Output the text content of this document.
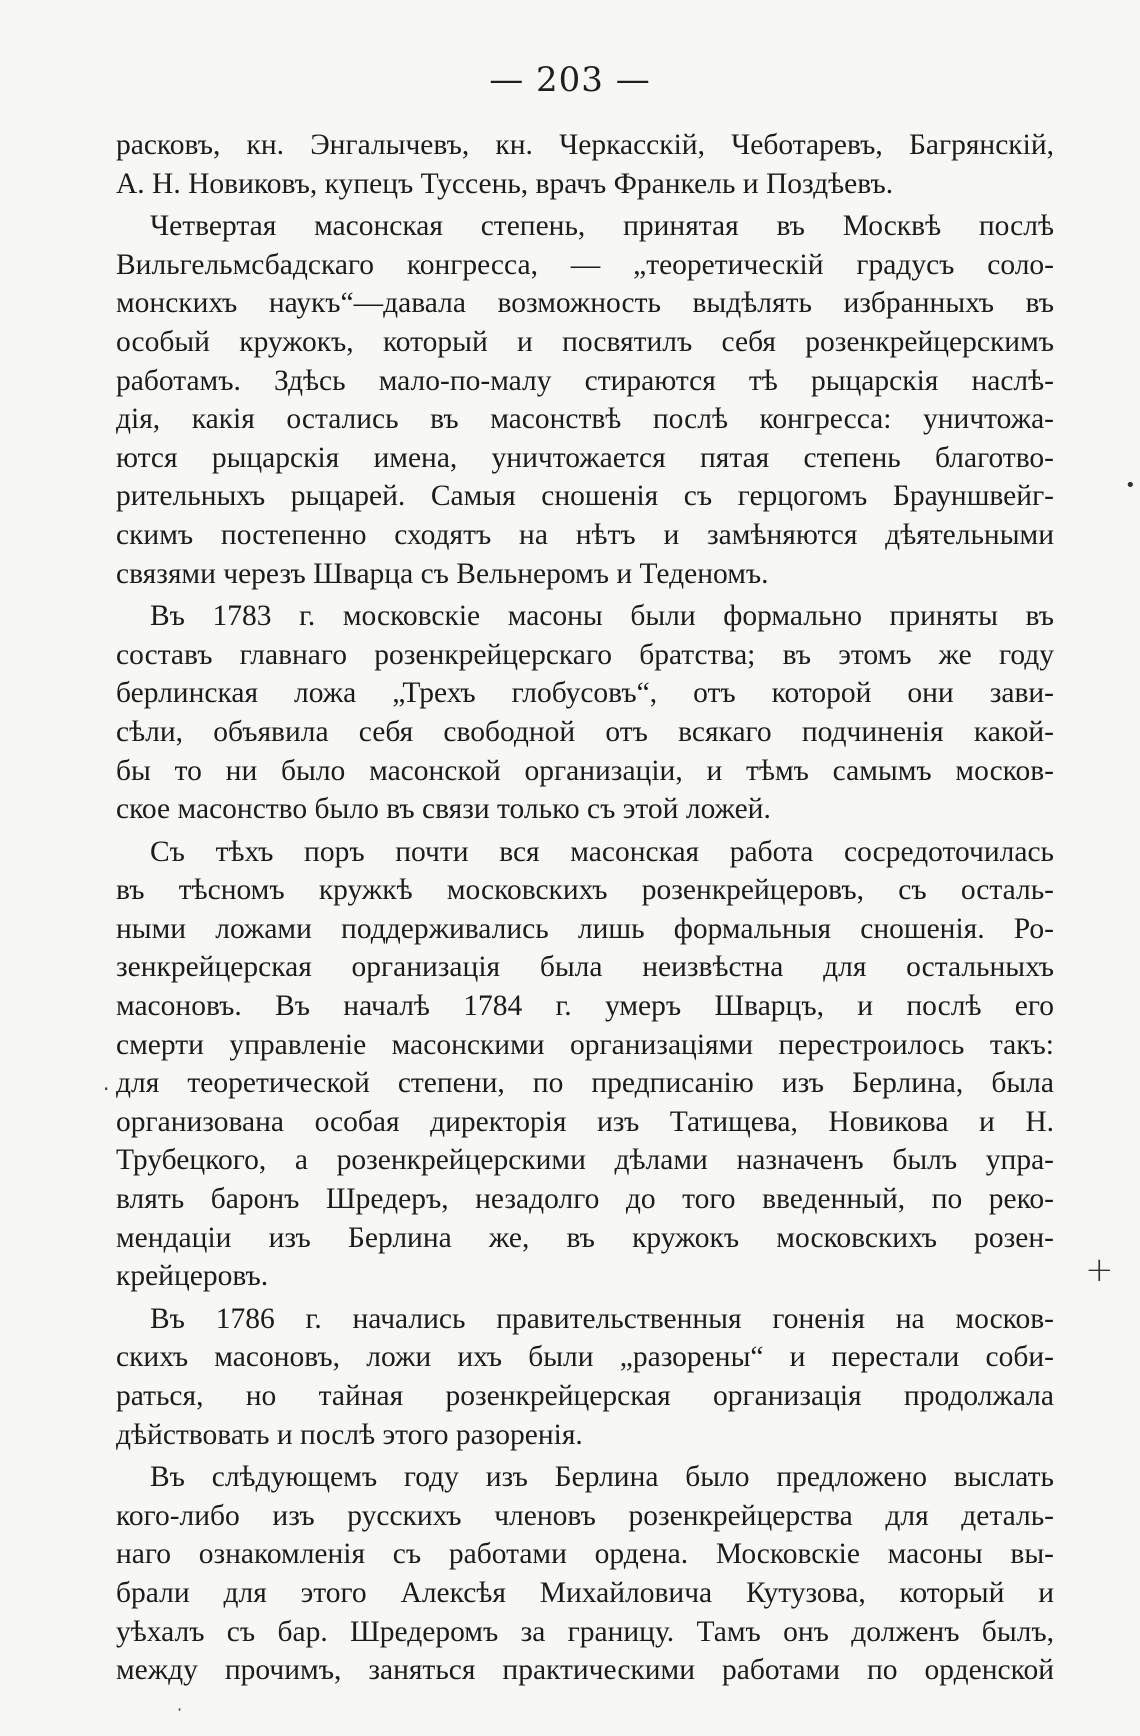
— 203 —
расковъ, кн. Энгалычевъ, кн. Черкасскій, Чеботаревъ, Багрянскій,
А. Н. Новиковъ, купецъ Туссень, врачъ Франкель и Поздѣевъ.
Четвертая масонская степень, принятая въ Москвѣ послѣ
Вильгельмсбадскаго конгресса, — „теоретическій градусъ соло-
монскихъ наукъ“—давала возможность выдѣлять избранныхъ въ
особый кружокъ, который и посвятилъ себя розенкрейцерскимъ
работамъ. Здѣсь мало-по-малу стираются тѣ рыцарскія наслѣ-
дія, какія остались въ масонствѣ послѣ конгресса: уничтожа-
ются рыцарскія имена, уничтожается пятая степень благотво-
рительныхъ рыцарей. Самыя сношенія съ герцогомъ Брауншвейг-
скимъ постепенно сходятъ на нѣтъ и замѣняются дѣятельными
связями черезъ Шварца съ Вельнеромъ и Теденомъ.
Въ 1783 г. московскіе масоны были формально приняты въ
составъ главнаго розенкрейцерскаго братства; въ этомъ же году
берлинская ложа „Трехъ глобусовъ“, отъ которой они зави-
сѣли, объявила себя свободной отъ всякаго подчиненія какой-
бы то ни было масонской организаціи, и тѣмъ самымъ москов-
ское масонство было въ связи только съ этой ложей.
Съ тѣхъ поръ почти вся масонская работа сосредоточилась
въ тѣсномъ кружкѣ московскихъ розенкрейцеровъ, съ осталь-
ными ложами поддерживались лишь формальныя сношенія. Ро-
зенкрейцерская организація была неизвѣстна для остальныхъ
масоновъ. Въ началѣ 1784 г. умеръ Шварцъ, и послѣ его
смерти управленіе масонскими организаціями перестроилось такъ:
для теоретической степени, по предписанію изъ Берлина, была
организована особая директорія изъ Татищева, Новикова и Н.
Трубецкого, а розенкрейцерскими дѣлами назначенъ былъ упра-
влять баронъ Шредеръ, незадолго до того введенный, по реко-
мендаціи изъ Берлина же, въ кружокъ московскихъ розен-
крейцеровъ.
Въ 1786 г. начались правительственныя гоненія на москов-
скихъ масоновъ, ложи ихъ были „разорены“ и перестали соби-
раться, но тайная розенкрейцерская организація продолжала
дѣйствовать и послѣ этого разоренія.
Въ слѣдующемъ году изъ Берлина было предложено выслать
кого-либо изъ русскихъ членовъ розенкрейцерства для деталь-
наго ознакомленія съ работами ордена. Московскіе масоны вы-
брали для этого Алексѣя Михайловича Кутузова, который и
уѣхалъ съ бар. Шредеромъ за границу. Тамъ онъ долженъ былъ,
между прочимъ, заняться практическими работами по орденской
+
•
·
·
